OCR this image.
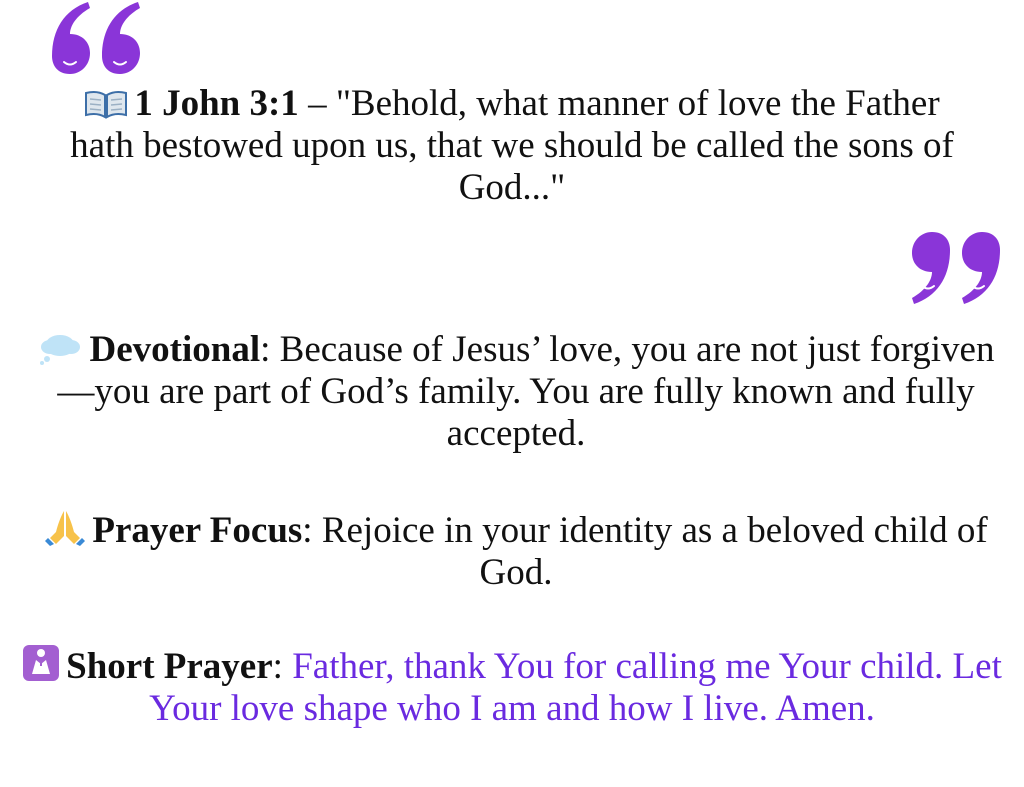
1 John 3:1 – "Behold, what manner of love the Father hath bestowed upon us, that we should be called the sons of God..."
Devotional: Because of Jesus’ love, you are not just forgiven—you are part of God’s family. You are fully known and fully accepted.
Prayer Focus: Rejoice in your identity as a beloved child of God.
Short Prayer: Father, thank You for calling me Your child. Let Your love shape who I am and how I live. Amen.
